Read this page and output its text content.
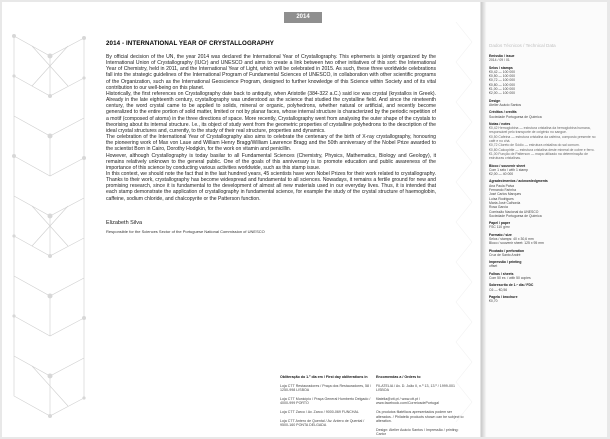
2014
2014 - INTERNATIONAL YEAR OF CRYSTALLOGRAPHY

By official decision of the UN, the year 2014 was declared the International Year of Crystallography. This ephemeris is jointly organized by the International Union of Crystallography (IUCr) and UNESCO and aims to create a link between two other initiatives of this sort: the International Year of Chemistry, held in 2011, and the International Year of Light, which will be celebrated in 2015. As such, these three worldwide celebrations fall into the strategic guidelines of the International Program of Fundamental Sciences of UNESCO, in collaboration with other scientific programs of the Organization, such as the International Geoscience Program, designed to further knowledge of this Science within Society and of its vital contribution to our well-being on this planet.

Historically, the first references on Crystallography date back to antiquity, when Aristotle (384-322 a.C.) said ice was crystal (krystallos in Greek). Already in the late eighteenth century, crystallography was understood as the science that studied the crystalline field. And since the nineteenth century, the word crystal came to be applied to solids, mineral or organic, polyhedrons, whether natural or artificial, and recently become generalized to the entire portion of solid matter, limited or not by planar faces, whose internal structure is characterized by the periodic repetition of a motif (composed of atoms) in the three directions of space. More recently, Crystallography went from analysing the outer shape of the crystals to theorising about its internal structure. I.e., its object of study went from the geometric properties of crystalline polyhedrons to the description of the ideal crystal structures and, currently, to the study of their real structure, properties and dynamics.

The celebration of the International Year of Crystallography also aims to celebrate the centenary of the birth of X-ray crystallography, honouring the pioneering work of Max von Laue and William Henry Bragg/William Lawrence Bragg and the 50th anniversary of the Nobel Prize awarded to the scientist Born in Cairo, Dorothy Hodgkin, for the work on vitamin and penicillin.

However, although Crystallography is today basilar to all Fundamental Sciences (Chemistry, Physics, Mathematics, Biology and Geology), it remains relatively unknown to the general public. One of the goals of this anniversary is to promote education and public awareness of the importance of this science by conducting various activities worldwide, such as this stamp issue.

In this context, we should note the fact that in the last hundred years, 45 scientists have won Nobel Prizes for their work related to crystallography. Thanks to their work, crystallography has become widespread and fundamental to all sciences. Nowadays, it remains a fertile ground for new and promising research, since it is fundamental to the development of almost all new materials used in our everyday lives. Thus, it is intended that each stamp demonstrate the application of crystallography in fundamental science, for example the study of the crystal structure of haemoglobin, caffeine, sodium chloride, and chalcopyrite or the Patterson function.

Elizabeth Silva
Responsible for the Sciences Sector of the Portuguese National Commission of UNESCO
Obliteração do 1.º dia em / First day obliterations in
Loja CTT Restauradores / Praça dos Restauradores, 58 / 1250-998 LISBOA
Loja CTT Município / Praça General Humberto Delgado / 4000-999 PORTO
Loja CTT Zarco / Av. Zarco / 9000-069 FUNCHAL
Loja CTT Antero de Quental / Av. Antero de Quental / 9500-160 PONTA DELGADA
Encomendas a / Orders to
FILATELIA / Av. D. João II, n.º 13, 13.º / 1999-001 LISBOA
filatelia@ctt.pt / www.ctt.pt / www.facebook.com/CorreiosdePortugal
Os produtos filatélicos apresentados podem ser alterados. / Philatelic products shown can be subject to alteration.
Design: Atelier Acácio Santos / Impressão / printing: Cartor
Dados Técnicos / Technical Data
Emissão / issue
2014 / 09 / 01
Selos / stamps
€0,42 — 100 000
€0,50 — 100 000
€0,72 — 100 000
€0,80 — 100 000
€1,00 — 100 000
€2,00 — 100 000
Design
Atelier Acácio Santos
Créditos / credits
Sociedade Portuguesa de Química
Notas / notes
€0,42 Hemoglobina — estrutura cristalina da hemoglobina humana, responsável pelo transporte de oxigénio no sangue.
€0,50 Cafeína — estrutura cristalina da cafeína, composto presente no café e no chá.
€0,72 Cloreto de Sódio — estrutura cristalina do sal comum.
€0,80 Calcopirite — estrutura cristalina deste mineral de cobre e ferro.
€1,00 Função de Patterson — mapa utilizado na determinação de estruturas cristalinas.
Bloco / souvenir sheet
Com 1 selo / with 1 stamp
€2,00 — 40 000
Agradecimentos / acknowledgments
Ana Paula Paiva
Fernando Farinha
José Carlos Marques
Luísa Rodrigues
Maria José Calhorda
Rosa Garcia
Comissão Nacional da UNESCO
Sociedade Portuguesa de Química
Papel / paper
FSC 110 g/m²
Formato / size
Selos / stamps: 40 x 30,6 mm
Bloco / souvenir sheet: 125 x 95 mm
Picotado / perforation
Cruz de Santo André
Impressão / printing
offset
Folhas / sheets
Com 50 ex. / with 50 copies
Sobrescrito de 1.º dia / FDC
C6 — €0,56
Pagela / brochure
€0,70
